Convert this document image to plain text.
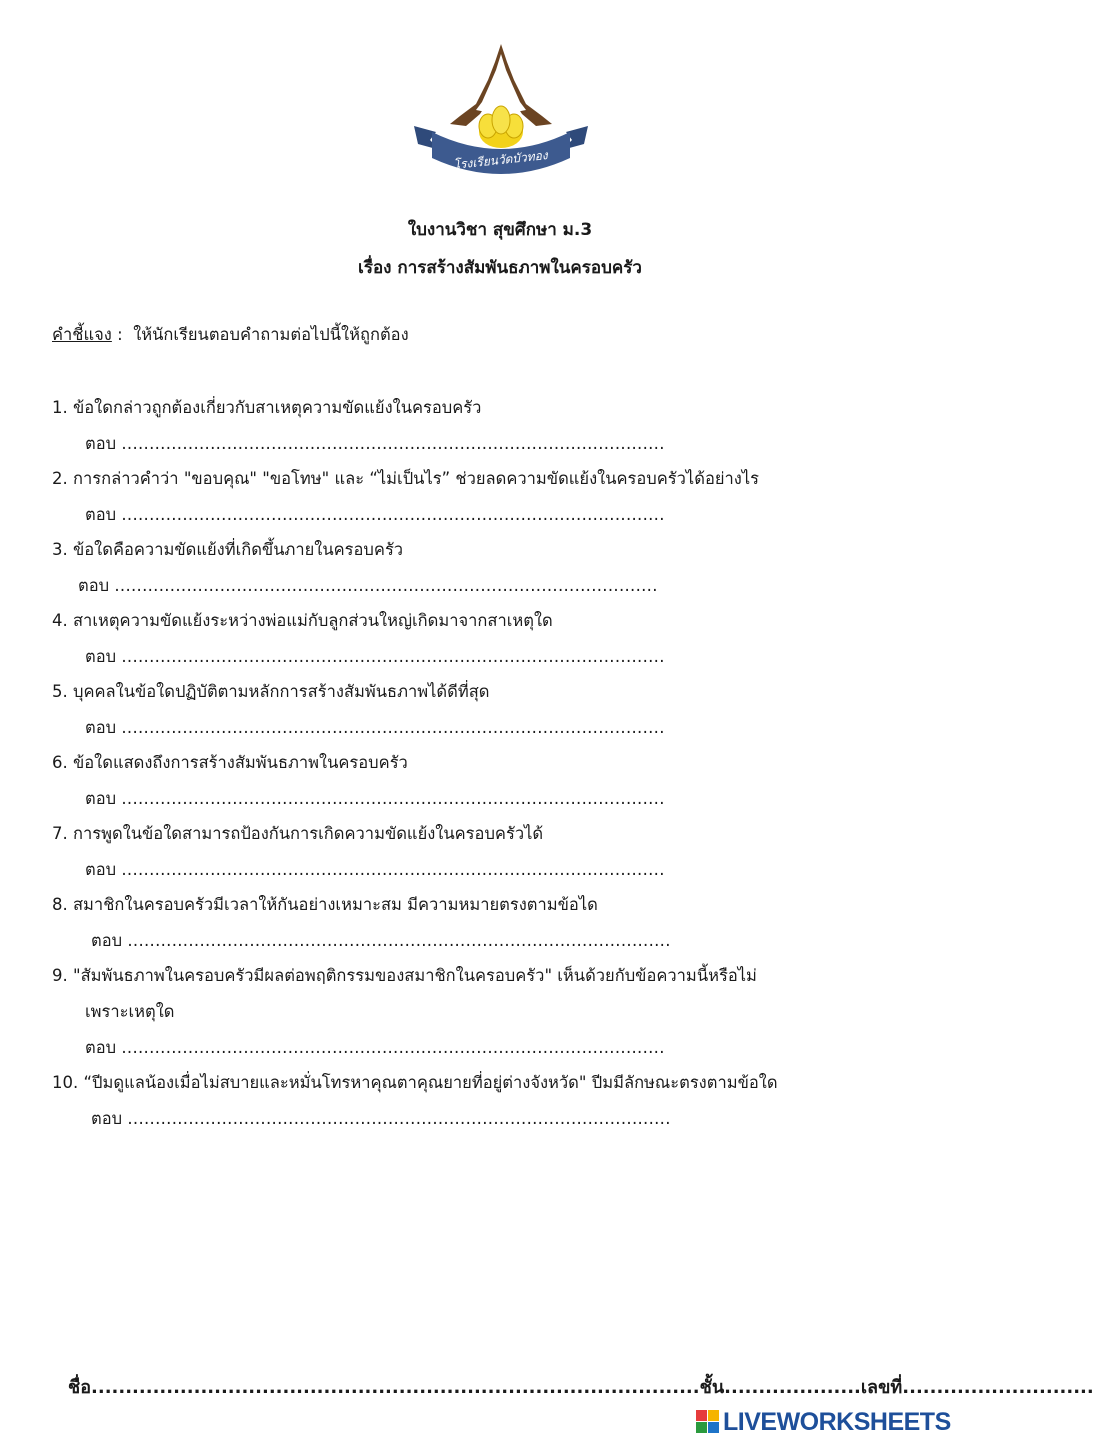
โรงเรียนวัดบัวทอง
ใบงานวิชา สุขศึกษา ม.3
เรื่อง การสร้างสัมพันธภาพในครอบครัว
คำชี้แจง :  ให้นักเรียนตอบคำถามต่อไปนี้ให้ถูกต้อง
1. ข้อใดกล่าวถูกต้องเกี่ยวกับสาเหตุความขัดแย้งในครอบครัว
ตอบ ..................................................................................................
2. การกล่าวคำว่า "ขอบคุณ" "ขอโทษ" และ “ไม่เป็นไร” ช่วยลดความขัดแย้งในครอบครัวได้อย่างไร
ตอบ ..................................................................................................
3. ข้อใดคือความขัดแย้งที่เกิดขึ้นภายในครอบครัว
ตอบ ..................................................................................................
4. สาเหตุความขัดแย้งระหว่างพ่อแม่กับลูกส่วนใหญ่เกิดมาจากสาเหตุใด
ตอบ ..................................................................................................
5. บุคคลในข้อใดปฏิบัติตามหลักการสร้างสัมพันธภาพได้ดีที่สุด
ตอบ ..................................................................................................
6. ข้อใดแสดงถึงการสร้างสัมพันธภาพในครอบครัว
ตอบ ..................................................................................................
7. การพูดในข้อใดสามารถป้องกันการเกิดความขัดแย้งในครอบครัวได้
ตอบ ..................................................................................................
8. สมาชิกในครอบครัวมีเวลาให้กันอย่างเหมาะสม มีความหมายตรงตามข้อได
ตอบ ..................................................................................................
9. "สัมพันธภาพในครอบครัวมีผลต่อพฤติกรรมของสมาชิกในครอบครัว" เห็นด้วยกับข้อความนี้หรือไม่
เพราะเหตุใด
ตอบ ..................................................................................................
10. “ปีมดูแลน้องเมื่อไม่สบายและหมั่นโทรหาคุณตาคุณยายที่อยู่ต่างจังหวัด" ปีมมีลักษณะตรงตามข้อใด
ตอบ ..................................................................................................
ชื่อ.........................................................................................ชั้น....................เลขที่............................
LIVEWORKSHEETS
